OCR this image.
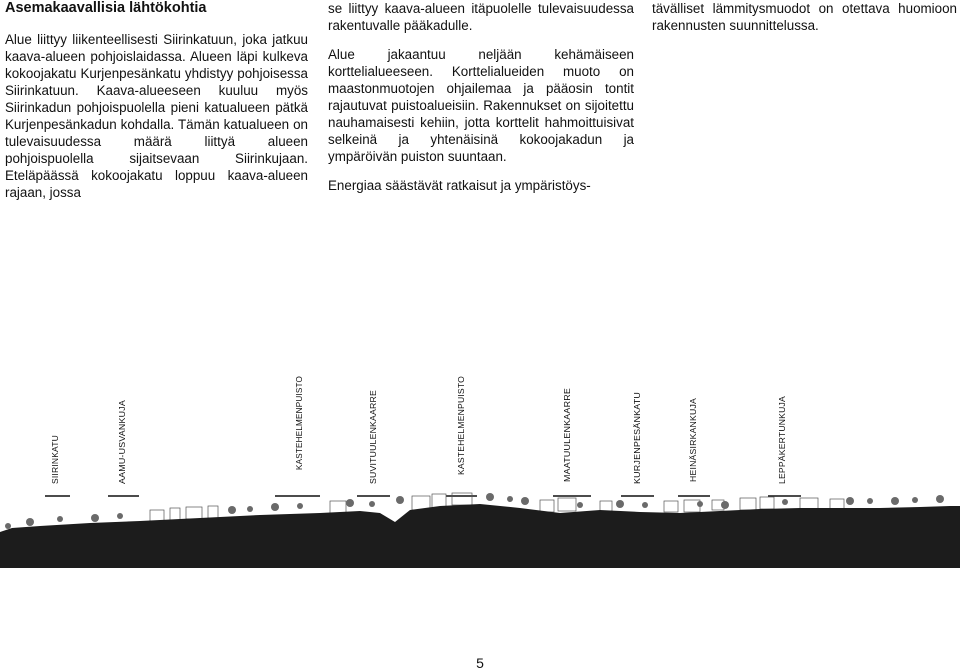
Asemakaavallisia lähtökohtia

Alue liittyy liikenteellisesti Siirinkatuun, joka jatkuu kaava-alueen pohjoislaidassa. Alueen läpi kulkeva kokoojakatu Kurjenpesänkatu yhdistyy pohjoisessa Siirinkatuun. Kaava-alueeseen kuuluu myös Siirinkadun pohjoispuolella pieni katualueen pätkä Kurjenpesänkadun kohdalla. Tämän katualueen on tulevaisuudessa määrä liittyä alueen pohjoispuolella sijaitsevaan Siirinkujaan. Eteläpäässä kokoojakatu loppuu kaava-alueen rajaan, jossa

se liittyy kaava-alueen itäpuolelle tulevaisuudessa rakentuvalle pääkadulle.

Alue jakaantuu neljään kehämäiseen korttelialueeseen. Korttelialueiden muoto on maastonmuotojen ohjailemaa ja pääosin tontit rajautuvat puistoalueisiin. Rakennukset on sijoitettu nauhamaisesti kehiin, jotta korttelit hahmoittuisivat selkeinä ja yhtenäisinä kokoojakadun ja ympäröivän puiston suuntaan.

Energiaa säästävät ratkaisut ja ympäristöys-

tävälliset lämmitysmuodot on otettava huomioon rakennusten suunnittelussa.

SIIRINKATU	AAMU-USVANKUJA	KASTEHELMENPUISTO	SUVITUULENKAARRE	KASTEHELMENPUISTO	MAATUULENKAARRE	KURJENPESÄNKATU	HEINÄSIRKANKUJA	LEPPÄKERTUNKUJA
5
